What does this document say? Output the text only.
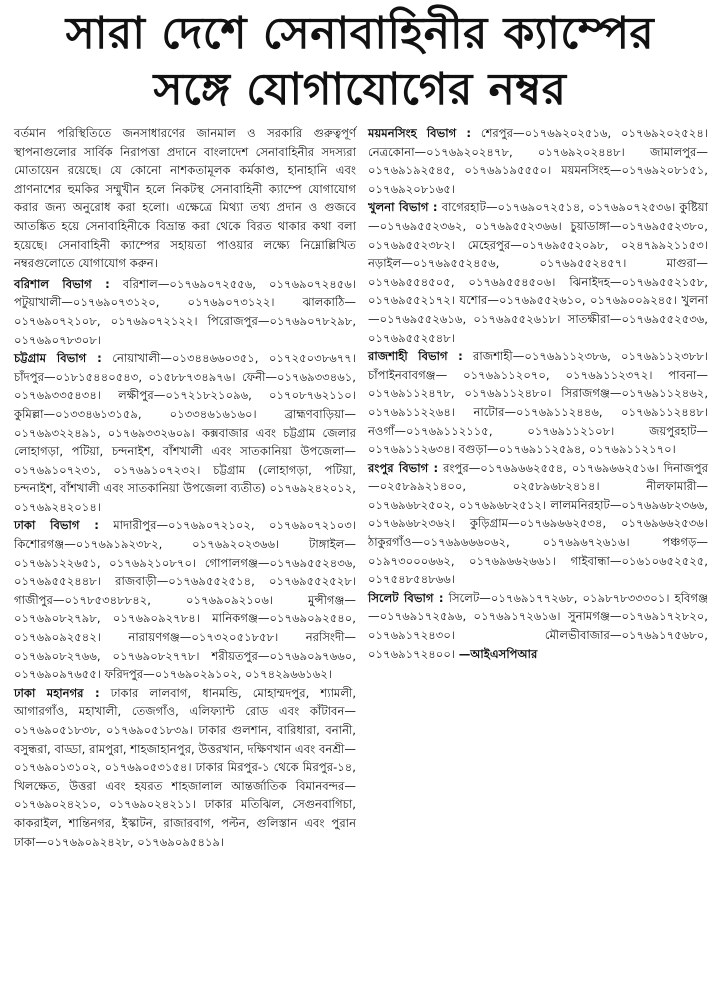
সারা দেশে সেনাবাহিনীর ক্যাম্পের
সঙ্গে যোগাযোগের নম্বর

বর্তমান পরিস্থিতিতে জনসাধারণের জানমাল ও সরকারি গুরুত্বপূর্ণ স্থাপনাগুলোর সার্বিক নিরাপত্তা প্রদানে বাংলাদেশ সেনাবাহিনীর সদস্যরা মোতায়েন রয়েছে। যে কোনো নাশকতামূলক কর্মকাণ্ড, হানাহানি এবং প্রাণনাশের হুমকির সম্মুখীন হলে নিকটস্থ সেনাবাহিনী ক্যাম্পে যোগাযোগ করার জন্য অনুরোধ করা হলো। এক্ষেত্রে মিথ্যা তথ্য প্রদান ও গুজবে আতঙ্কিত হয়ে সেনাবাহিনীকে বিভ্রান্ত করা থেকে বিরত থাকার কথা বলা হয়েছে। সেনাবাহিনী ক্যাম্পের সহায়তা পাওয়ার লক্ষ্যে নিম্নোল্লিখিত নম্বরগুলোতে যোগাযোগ করুন।

বরিশাল বিভাগ : বরিশাল—০১৭৬৯০৭২৫৫৬, ০১৭৬৯০৭২৪৫৬। পটুয়াখালী—০১৭৬৯০৭৩১২০, ০১৭৬৯০৭৩১২২। ঝালকাঠি— ০১৭৬৯০৭২১০৮, ০১৭৬৯০৭২১২২। পিরোজপুর—০১৭৬৯০৭৮২৯৮, ০১৭৬৯০৭৮৩০৮।

চট্টগ্রাম বিভাগ : নোয়াখালী—০১৩৪৪৬৬০৩৫১, ০১৭২৫০৩৮৬৭৭। চাঁদপুর—০১৮১৫৪৪০৫৪৩, ০১৫৮৮৭৩৪৯৭৬। ফেনী—০১৭৬৯৩৩৪৬১, ০১৭৬৯৩৩৫৪৩৪। লক্ষীপুর—০১৭২১৮২১০৯৬, ০১৭০৮৭৬২১১০। কুমিল্লা—০১৩৩৪৬১৩১৫৯, ০১৩৩৪৬১৬১৬০। ব্রাহ্মণবাড়িয়া—০১৭৬৯৩২২৪৯১, ০১৭৬৯৩৩২৬০৯। কক্সবাজার এবং চট্টগ্রাম জেলার লোহাগড়া, পটিয়া, চন্দনাইশ, বাঁশখালী এবং সাতকানিয়া উপজেলা—০১৭৬৯১০৭২৩১, ০১৭৬৯১০৭২৩২। চট্টগ্রাম (লোহাগড়া, পটিয়া, চন্দনাইশ, বাঁশখালী এবং সাতকানিয়া উপজেলা ব্যতীত) ০১৭৬৯২৪২০১২, ০১৭৬৯২৪২০১৪।

ঢাকা বিভাগ : মাদারীপুর—০১৭৬৯০৭২১০২, ০১৭৬৯০৭২১০৩। কিশোরগঞ্জ—০১৭৬৯১৯২৩৮২, ০১৭৬৯২০২৩৬৬। টাঙ্গাইল—০১৭৬৯১২২৬৫১, ০১৭৬৯২১০৮৭০। গোপালগঞ্জ—০১৭৬৯৫৫২৪৩৬, ০১৭৬৯৫৫২৪৪৮। রাজবাড়ী—০১৭৬৯৫৫২৫১৪, ০১৭৬৯৫৫২৫২৮। গাজীপুর—০১৭৮৫৩৪৮৮৪২, ০১৭৬৯০৯২১০৬। মুন্সীগঞ্জ—০১৭৬৯০৮২৭৯৮, ০১৭৬৯০৯২৭৮৪। মানিকগঞ্জ—০১৭৬৯০৯২৫৪০, ০১৭৬৯০৯২৫৪২। নারায়ণগঞ্জ—০১৭৩২০৫১৮৫৮। নরসিংদী—০১৭৬৯০৮২৭৬৬, ০১৭৬৯০৮২৭৭৮। শরীয়তপুর—০১৭৬৯০৯৭৬৬০, ০১৭৬৯০৯৭৬৫৫। ফরিদপুর—০১৭৬৯০২৯১০২, ০১৭৪২৯৬৬১৬২।

ঢাকা মহানগর : ঢাকার লালবাগ, ধানমন্ডি, মোহাম্মদপুর, শ্যামলী, আগারগাঁও, মহাখালী, তেজগাঁও, এলিফ্যান্ট রোড এবং কাঁটাবন—০১৭৬৯০৫১৮৩৮, ০১৭৬৯০৫১৮৩৯। ঢাকার গুলশান, বারিধারা, বনানী, বসুন্ধরা, বাড্ডা, রামপুরা, শাহজাহানপুর, উত্তরখান, দক্ষিণখান এবং বনশ্রী—০১৭৬৯০১৩১০২, ০১৭৬৯০৫৩১৫৪। ঢাকার মিরপুর-১ থেকে মিরপুর-১৪, খিলক্ষেত, উত্তরা এবং হযরত শাহজালাল আন্তর্জাতিক বিমানবন্দর—০১৭৬৯০২৪২১০, ০১৭৬৯০২৪২১১। ঢাকার মতিঝিল, সেগুনবাগিচা, কাকরাইল, শান্তিনগর, ইস্কাটন, রাজারবাগ, পল্টন, গুলিস্তান এবং পুরান ঢাকা—০১৭৬৯০৯২৪২৮, ০১৭৬৯০৯৫৪১৯।

ময়মনসিংহ বিভাগ : শেরপুর—০১৭৬৯২০২৫১৬, ০১৭৬৯২০২৫২৪। নেত্রকোনা—০১৭৬৯২০২৪৭৮, ০১৭৬৯২০২৪৪৮। জামালপুর—০১৭৬৯১৯২৫৪৫, ০১৭৬৯১৯৫৫৫০। ময়মনসিংহ—০১৭৬৯২০৮১৫১, ০১৭৬৯২০৮১৬৫।

খুলনা বিভাগ : বাগেরহাট—০১৭৬৯০৭২৫১৪, ০১৭৬৯০৭২৫৩৬। কুষ্টিয়া—০১৭৬৯৫৫২৩৬২, ০১৭৬৯৫৫২৩৬৬। চুয়াডাঙ্গা—০১৭৬৯৫৫২৩৮০, ০১৭৬৯৫৫২৩৮২। মেহেরপুর—০১৭৬৯৫৫২০৯৮, ০২৪৭৯৯২১১৫৩। নড়াইল—০১৭৬৯৫৫২৪৫৬, ০১৭৬৯৫৫২৪৫৭। মাগুরা—০১৭৬৯৫৫৪৫০৫, ০১৭৬৯৫৫৪৫০৬। ঝিনাইদহ—০১৭৬৯৫৫২১৫৮, ০১৭৬৯৫৫২১৭২। যশোর—০১৭৬৯৫৫২৬১০, ০১৭৬৯০০৯২৪৫। খুলনা—০১৭৬৯৫৫২৬১৬, ০১৭৬৯৫৫২৬১৮। সাতক্ষীরা—০১৭৬৯৫৫২৫৩৬, ০১৭৬৯৫৫২৫৪৮।

রাজশাহী বিভাগ : রাজশাহী—০১৭৬৯১১২৩৮৬, ০১৭৬৯১১২৩৮৮। চাঁপাইনবাবগঞ্জ— ০১৭৬৯১১২০৭০, ০১৭৬৯১১২৩৭২। পাবনা—০১৭৬৯১১২৪৭৮, ০১৭৬৯১১২৪৮০। সিরাজগঞ্জ—০১৭৬৯১১২৪৬২, ০১৭৬৯১১২২৬৪। নাটোর—০১৭৬৯১১২৪৪৬, ০১৭৬৯১১২৪৪৮। নওগাঁ—০১৭৬৯১১২১১৫, ০১৭৬৯১১২১০৮। জয়পুরহাট—০১৭৬৯১১২৬৩৪। বগুড়া—০১৭৬৯১১২৫৯৪, ০১৭৬৯১১২১৭০।

রংপুর বিভাগ : রংপুর—০১৭৬৯৬৬২৫৫৪, ০১৭৬৯৬৬২৫১৬। দিনাজপুর—০২৫৮৯৯২১৪০০, ০২৫৮৯৬৮২৪১৪। নীলফামারী—০১৭৬৯৬৮২৫০২, ০১৭৬৯৬৮২৫১২। লালমনিরহাট—০১৭৬৯৬৮২৩৬৬, ০১৭৬৯৬৮২৩৬২। কুড়িগ্রাম—০১৭৬৯৬৬২৫৩৪, ০১৭৬৯৬৬২৫৩৬। ঠাকুরগাঁও—০১৭৬৯৬৬৬০৬২, ০১৭৬৯৬৭২৬১৬। পঞ্চগড়—০১৯৭৩০০০৬৬২, ০১৭৬৯৬৬২৬৬১। গাইবান্ধা—০১৬১০৬৫২৫২৫, ০১৭৫৪৮৫৪৮৬৬।

সিলেট বিভাগ : সিলেট—০১৭৬৯১৭৭২৬৮, ০১৯৮৭৮৩৩৩০১। হবিগঞ্জ—০১৭৬৯১৭২৫৯৬, ০১৭৬৯১৭২৬১৬। সুনামগঞ্জ—০১৭৬৯১৭২৮২০, ০১৭৬৯১৭২৪৩০। মৌলভীবাজার—০১৭৬৯১৭৫৬৮০, ০১৭৬৯১৭২৪০০। —আইএসপিআর
